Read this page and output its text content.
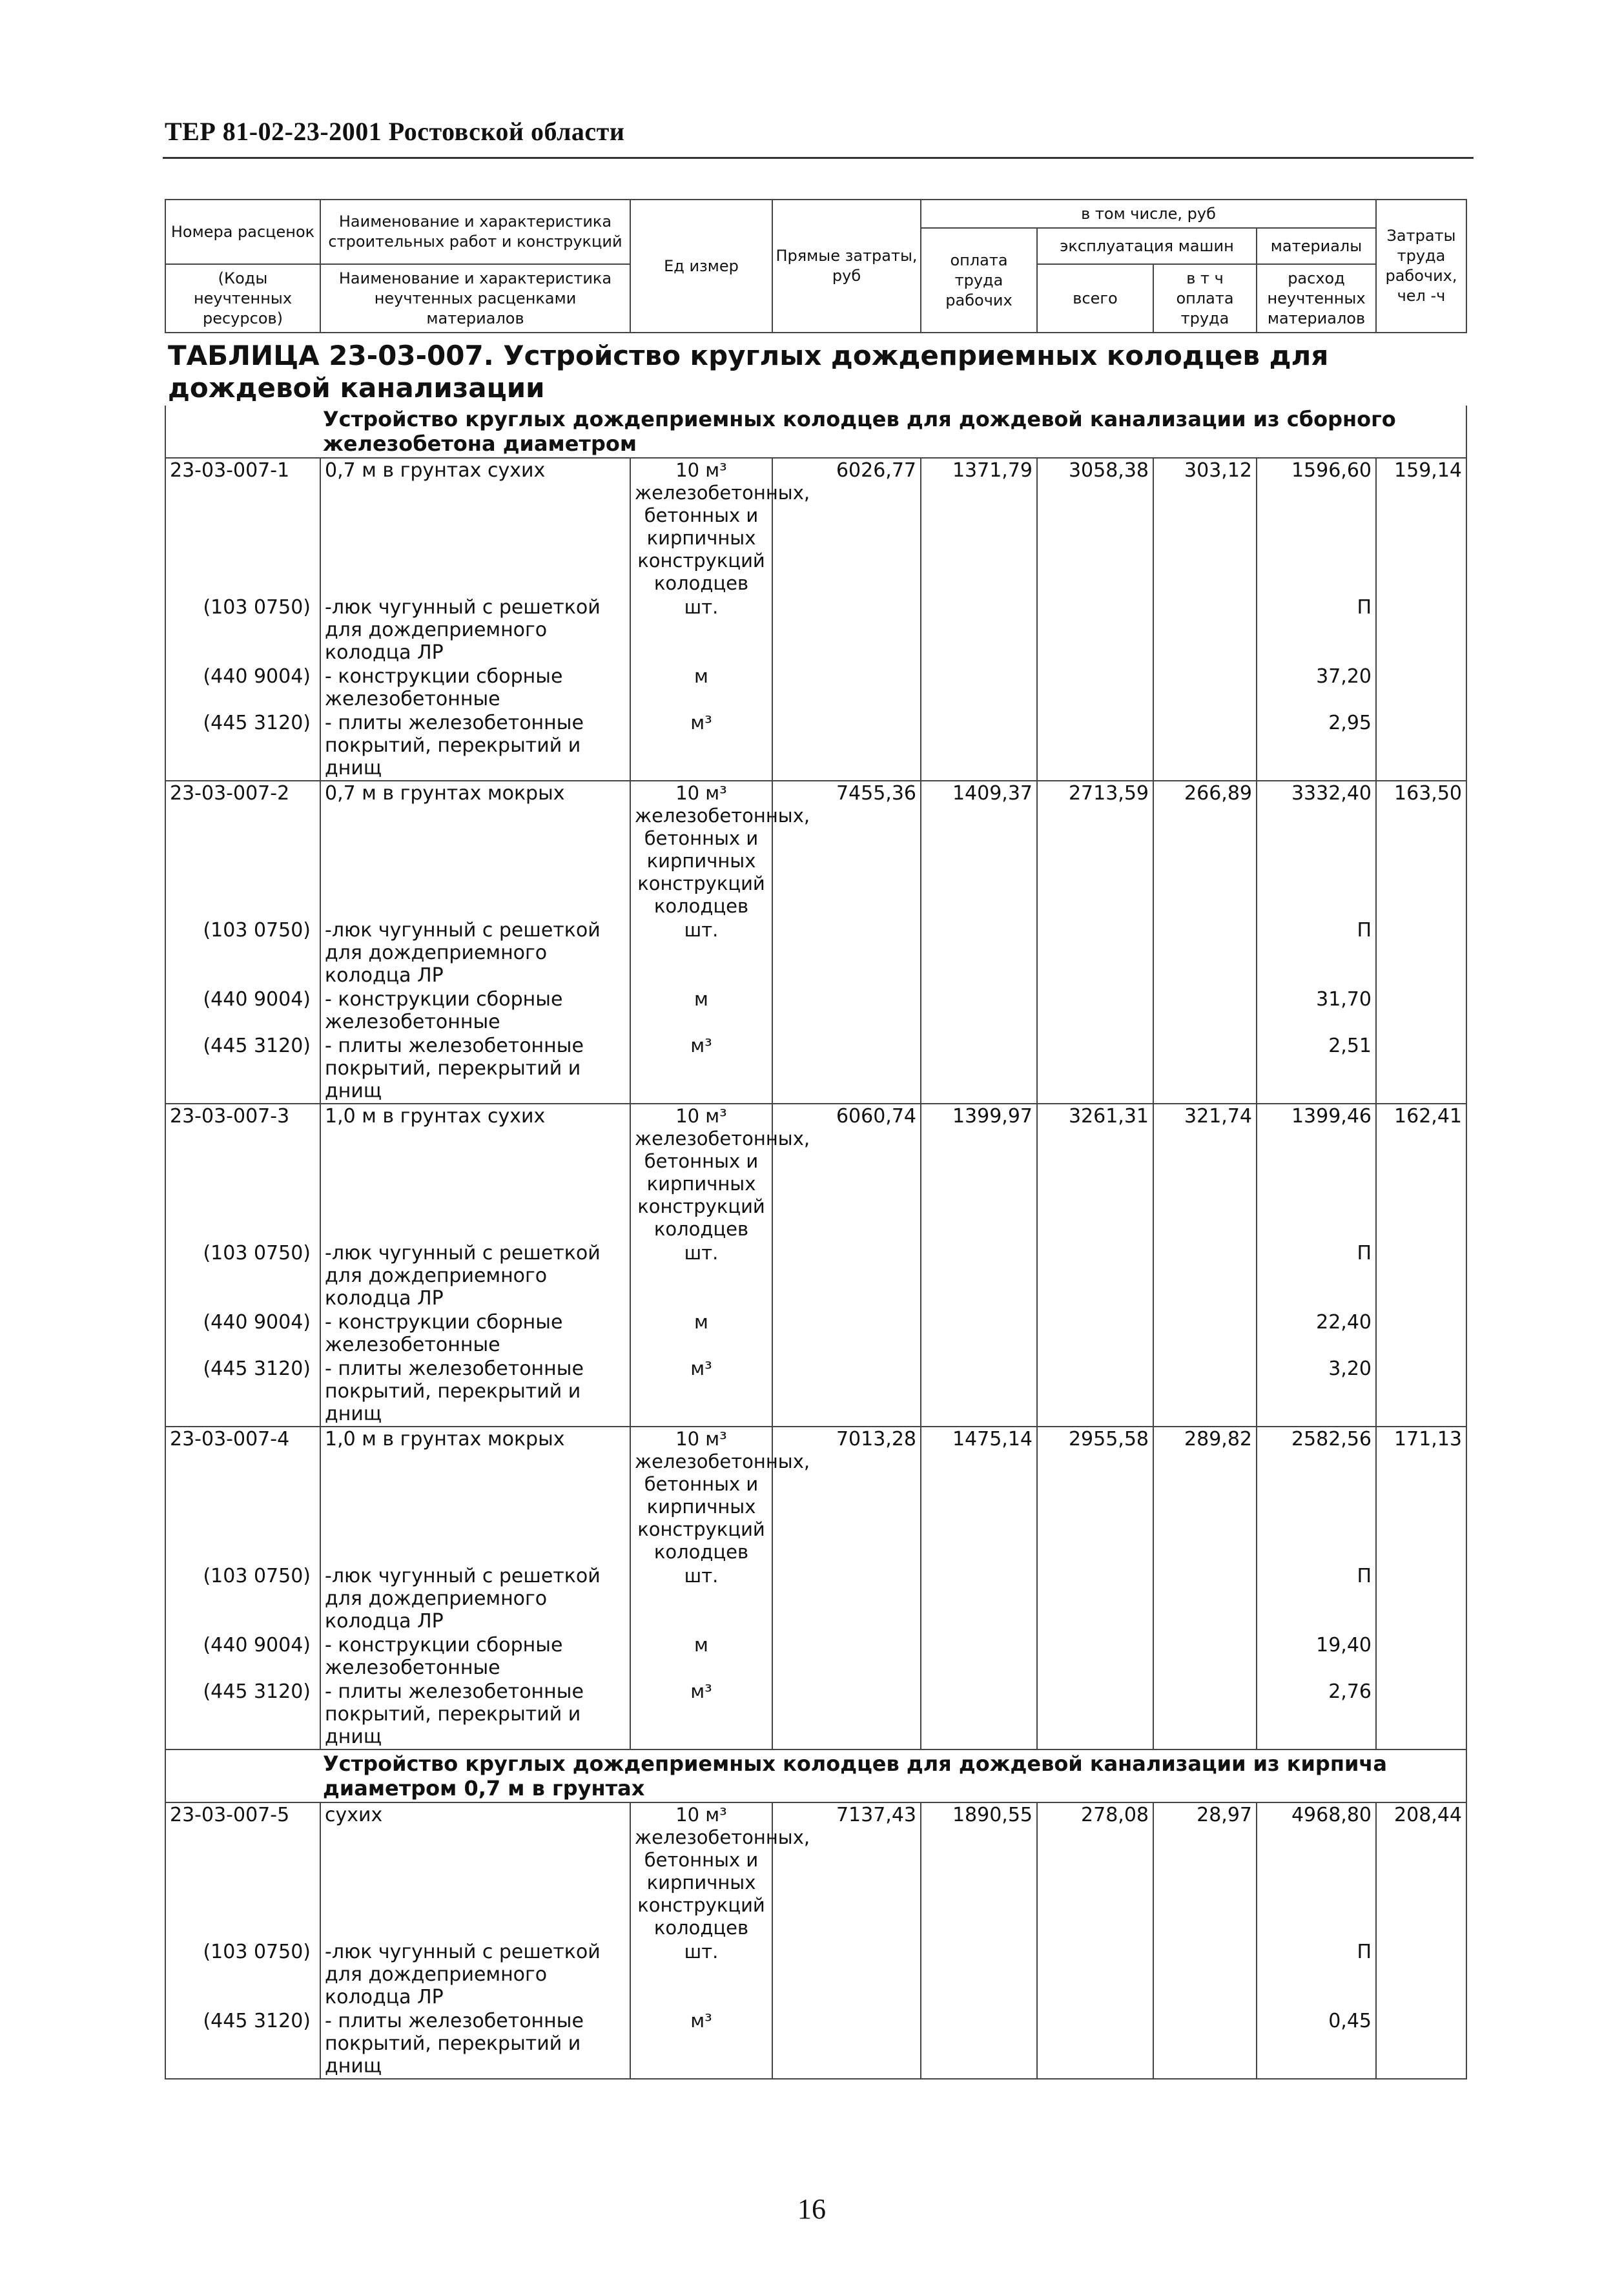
ТЕР 81-02-23-2001 Ростовской области
Номера расценок	Наименование и характеристика строительных работ и конструкций	Ед измер	Прямые затраты, руб	в том числе, руб				Затраты труда рабочих, чел -ч
				оплата труда рабочих	эксплуатация машин		материалы	
(Коды неучтенных ресурсов)	Наименование и характеристика неучтенных расценками материалов				всего	в т ч оплата труда	расход неучтенных материалов	

ТАБЛИЦА 23-03-007. Устройство круглых дождеприемных колодцев для дождевой канализации								
	Устройство круглых дождеприемных колодцев для дождевой канализации из сборного железобетона диаметром							
23-03-007-1	0,7 м в грунтах сухих	10 м³ железобетонных, бетонных и кирпичных конструкций колодцев	6026,77	1371,79	3058,38	303,12	1596,60	159,14
(103 0750)	-люк чугунный с решеткой для дождеприемного колодца ЛР	шт.					П	
(440 9004)	- конструкции сборные железобетонные	м					37,20	
(445 3120)	- плиты железобетонные покрытий, перекрытий и днищ	м³					2,95	
23-03-007-2	0,7 м в грунтах мокрых	10 м³ железобетонных, бетонных и кирпичных конструкций колодцев	7455,36	1409,37	2713,59	266,89	3332,40	163,50
(103 0750)	-люк чугунный с решеткой для дождеприемного колодца ЛР	шт.					П	
(440 9004)	- конструкции сборные железобетонные	м					31,70	
(445 3120)	- плиты железобетонные покрытий, перекрытий и днищ	м³					2,51	
23-03-007-3	1,0 м в грунтах сухих	10 м³ железобетонных, бетонных и кирпичных конструкций колодцев	6060,74	1399,97	3261,31	321,74	1399,46	162,41
(103 0750)	-люк чугунный с решеткой для дождеприемного колодца ЛР	шт.					П	
(440 9004)	- конструкции сборные железобетонные	м					22,40	
(445 3120)	- плиты железобетонные покрытий, перекрытий и днищ	м³					3,20	
23-03-007-4	1,0 м в грунтах мокрых	10 м³ железобетонных, бетонных и кирпичных конструкций колодцев	7013,28	1475,14	2955,58	289,82	2582,56	171,13
(103 0750)	-люк чугунный с решеткой для дождеприемного колодца ЛР	шт.					П	
(440 9004)	- конструкции сборные железобетонные	м					19,40	
(445 3120)	- плиты железобетонные покрытий, перекрытий и днищ	м³					2,76	
	Устройство круглых дождеприемных колодцев для дождевой канализации из кирпича диаметром 0,7 м в грунтах							
23-03-007-5	сухих	10 м³ железобетонных, бетонных и кирпичных конструкций колодцев	7137,43	1890,55	278,08	28,97	4968,80	208,44
(103 0750)	-люк чугунный с решеткой для дождеприемного колодца ЛР	шт.					П	
(445 3120)	- плиты железобетонные покрытий, перекрытий и днищ	м³					0,45	
16
